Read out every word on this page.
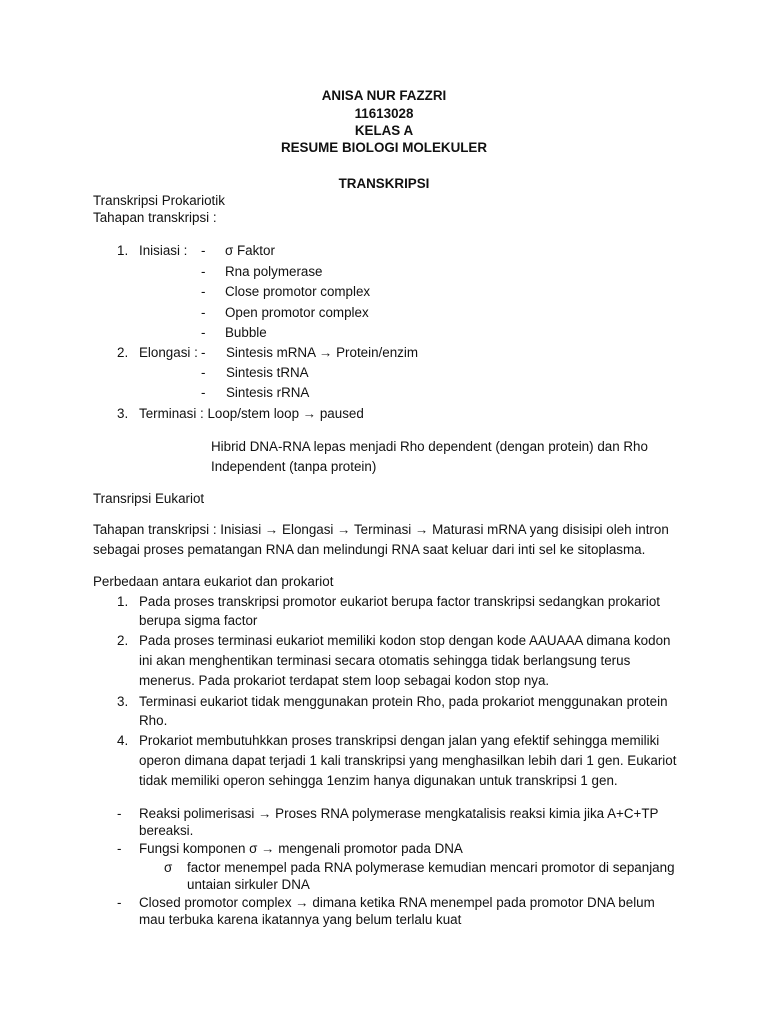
ANISA NUR FAZZRI
11613028
KELAS A
RESUME BIOLOGI MOLEKULER
TRANSKRIPSI
Transkripsi Prokariotik
Tahapan transkripsi :
1. Inisiasi : - σ Faktor
- Rna polymerase
- Close promotor complex
- Open promotor complex
- Bubble
2. Elongasi : - Sintesis mRNA → Protein/enzim
- Sintesis tRNA
- Sintesis rRNA
3. Terminasi : Loop/stem loop → paused
Hibrid DNA-RNA lepas menjadi Rho dependent (dengan protein) dan Rho
Independent (tanpa protein)
Transripsi Eukariot
Tahapan transkripsi : Inisiasi → Elongasi → Terminasi → Maturasi mRNA yang disisipi oleh intron
sebagai proses pematangan RNA dan melindungi RNA saat keluar dari inti sel ke sitoplasma.
Perbedaan antara eukariot dan prokariot
1. Pada proses transkripsi promotor eukariot berupa factor transkripsi sedangkan prokariot
berupa sigma factor
2. Pada proses terminasi eukariot memiliki kodon stop dengan kode AAUAAA dimana kodon
ini akan menghentikan terminasi secara otomatis sehingga tidak berlangsung terus
menerus. Pada prokariot terdapat stem loop sebagai kodon stop nya.
3. Terminasi eukariot tidak menggunakan protein Rho, pada prokariot menggunakan protein
Rho.
4. Prokariot membutuhkkan proses transkripsi dengan jalan yang efektif sehingga memiliki
operon dimana dapat terjadi 1 kali transkripsi yang menghasilkan lebih dari 1 gen. Eukariot
tidak memiliki operon sehingga 1enzim hanya digunakan untuk transkripsi 1 gen.
- Reaksi polimerisasi → Proses RNA polymerase mengkatalisis reaksi kimia jika A+C+TP
bereaksi.
- Fungsi komponen σ → mengenali promotor pada DNA
σ factor menempel pada RNA polymerase kemudian mencari promotor di sepanjang
untaian sirkuler DNA
- Closed promotor complex → dimana ketika RNA menempel pada promotor DNA belum
mau terbuka karena ikatannya yang belum terlalu kuat
